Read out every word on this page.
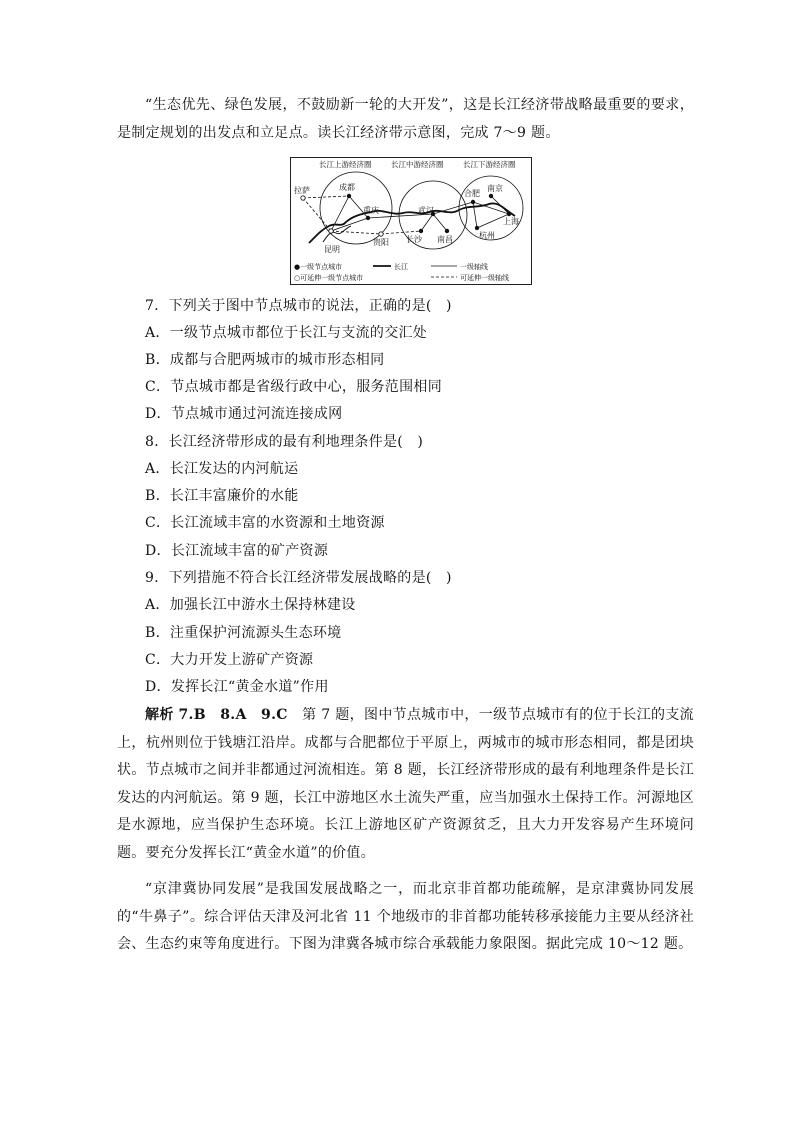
“生态优先、绿色发展，不鼓励新一轮的大开发”，这是长江经济带战略最重要的要求，是制定规划的出发点和立足点。读长江经济带示意图，完成 7～9 题。
长江上游经济圈	长江中游经济圈	长江下游经济圈
拉萨	成都
重庆
昆明
贵阳
武汉
长沙 南昌
合肥
南京
上海
杭州
●一级节点城市	长江	一级轴线
○可延伸一级节点城市	可延伸一级轴线
7．下列关于图中节点城市的说法，正确的是(　)
A．一级节点城市都位于长江与支流的交汇处
B．成都与合肥两城市的城市形态相同
C．节点城市都是省级行政中心，服务范围相同
D．节点城市通过河流连接成网
8．长江经济带形成的最有利地理条件是(　)
A．长江发达的内河航运
B．长江丰富廉价的水能
C．长江流域丰富的水资源和土地资源
D．长江流域丰富的矿产资源
9．下列措施不符合长江经济带发展战略的是(　)
A．加强长江中游水土保持林建设
B．注重保护河流源头生态环境
C．大力开发上游矿产资源
D．发挥长江“黄金水道”作用
解析 7.B　8.A　9.C　第 7 题，图中节点城市中，一级节点城市有的位于长江的支流上，杭州则位于钱塘江沿岸。成都与合肥都位于平原上，两城市的城市形态相同，都是团块状。节点城市之间并非都通过河流相连。第 8 题，长江经济带形成的最有利地理条件是长江发达的内河航运。第 9 题，长江中游地区水土流失严重，应当加强水土保持工作。河源地区是水源地，应当保护生态环境。长江上游地区矿产资源贫乏，且大力开发容易产生环境问题。要充分发挥长江“黄金水道”的价值。
“京津冀协同发展”是我国发展战略之一，而北京非首都功能疏解，是京津冀协同发展的“牛鼻子”。综合评估天津及河北省 11 个地级市的非首都功能转移承接能力主要从经济社会、生态约束等角度进行。下图为津冀各城市综合承载能力象限图。据此完成 10～12 题。
